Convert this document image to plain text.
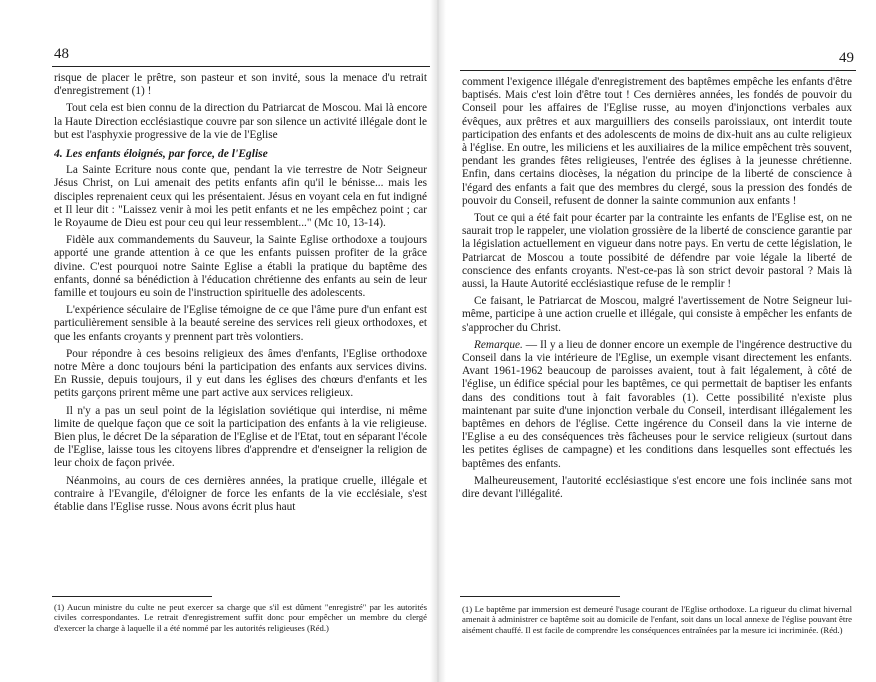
48

risque de placer le prêtre, son pasteur et son invité, sous la menace d'u retrait d'enregistrement (1) !

Tout cela est bien connu de la direction du Patriarcat de Moscou. Mai là encore la Haute Direction ecclésiastique couvre par son silence un activité illégale dont le but est l'asphyxie progressive de la vie de l'Eglise

4. Les enfants éloignés, par force, de l'Eglise

La Sainte Ecriture nous conte que, pendant la vie terrestre de Notr Seigneur Jésus Christ, on Lui amenait des petits enfants afin qu'il le bénisse... mais les disciples reprenaient ceux qui les présentaient. Jésus en voyant cela en fut indigné et Il leur dit : "Laissez venir à moi les petit enfants et ne les empêchez point ; car le Royaume de Dieu est pour ceu qui leur ressemblent..." (Mc 10, 13-14).

Fidèle aux commandements du Sauveur, la Sainte Eglise orthodoxe a toujours apporté une grande attention à ce que les enfants puissen profiter de la grâce divine. C'est pourquoi notre Sainte Eglise a établi la pratique du baptême des enfants, donné sa bénédiction à l'éducation chrétienne des enfants au sein de leur famille et toujours eu soin de l'instruction spirituelle des adolescents.

L'expérience séculaire de l'Eglise témoigne de ce que l'âme pure d'un enfant est particulièrement sensible à la beauté sereine des services reli gieux orthodoxes, et que les enfants croyants y prennent part très volontiers.

Pour répondre à ces besoins religieux des âmes d'enfants, l'Eglise orthodoxe notre Mère a donc toujours béni la participation des enfants aux services divins. En Russie, depuis toujours, il y eut dans les églises des chœurs d'enfants et les petits garçons prirent même une part active aux services religieux.

Il n'y a pas un seul point de la législation soviétique qui interdise, ni même limite de quelque façon que ce soit la participation des enfants à la vie religieuse. Bien plus, le décret De la séparation de l'Eglise et de l'Etat, tout en séparant l'école de l'Eglise, laisse tous les citoyens libres d'apprendre et d'enseigner la religion de leur choix de façon privée.

Néanmoins, au cours de ces dernières années, la pratique cruelle, illégale et contraire à l'Evangile, d'éloigner de force les enfants de la vie ecclésiale, s'est établie dans l'Eglise russe. Nous avons écrit plus haut

(1) Aucun ministre du culte ne peut exercer sa charge que s'il est dûment "enregistré" par les autorités civiles correspondantes. Le retrait d'enregistrement suffit donc pour empêcher un membre du clergé d'exercer la charge à laquelle il a été nommé par les autorités religieuses (Réd.)
49

comment l'exigence illégale d'enregistrement des baptêmes empêche les enfants d'être baptisés. Mais c'est loin d'être tout ! Ces dernières années, les fondés de pouvoir du Conseil pour les affaires de l'Eglise russe, au moyen d'injonctions verbales aux évêques, aux prêtres et aux marguilliers des conseils paroissiaux, ont interdit toute participation des enfants et des adolescents de moins de dix-huit ans au culte religieux à l'église. En outre, les miliciens et les auxiliaires de la milice empêchent très souvent, pendant les grandes fêtes religieuses, l'entrée des églises à la jeunesse chrétienne. Enfin, dans certains diocèses, la négation du principe de la liberté de conscience à l'égard des enfants a fait que des membres du clergé, sous la pression des fondés de pouvoir du Conseil, refusent de donner la sainte communion aux enfants !

Tout ce qui a été fait pour écarter par la contrainte les enfants de l'Eglise est, on ne saurait trop le rappeler, une violation grossière de la liberté de conscience garantie par la législation actuellement en vigueur dans notre pays. En vertu de cette législation, le Patriarcat de Moscou a toute possibité de défendre par voie légale la liberté de conscience des enfants croyants. N'est-ce-pas là son strict devoir pastoral ? Mais là aussi, la Haute Autorité ecclésiastique refuse de le remplir !

Ce faisant, le Patriarcat de Moscou, malgré l'avertissement de Notre Seigneur lui-même, participe à une action cruelle et illégale, qui consiste à empêcher les enfants de s'approcher du Christ.

Remarque. — Il y a lieu de donner encore un exemple de l'ingérence destructive du Conseil dans la vie intérieure de l'Eglise, un exemple visant directement les enfants. Avant 1961-1962 beaucoup de paroisses avaient, tout à fait légalement, à côté de l'église, un édifice spécial pour les baptêmes, ce qui permettait de baptiser les enfants dans des conditions tout à fait favorables (1). Cette possibilité n'existe plus maintenant par suite d'une injonction verbale du Conseil, interdisant illégalement les baptêmes en dehors de l'église. Cette ingérence du Conseil dans la vie interne de l'Eglise a eu des conséquences très fâcheuses pour le service religieux (surtout dans les petites églises de campagne) et les conditions dans lesquelles sont effectués les baptêmes des enfants.

Malheureusement, l'autorité ecclésiastique s'est encore une fois inclinée sans mot dire devant l'illégalité.

(1) Le baptême par immersion est demeuré l'usage courant de l'Eglise orthodoxe. La rigueur du climat hivernal amenait à administrer ce baptême soit au domicile de l'enfant, soit dans un local annexe de l'église pouvant être aisément chauffé. Il est facile de comprendre les conséquences entraînées par la mesure ici incriminée. (Réd.)
